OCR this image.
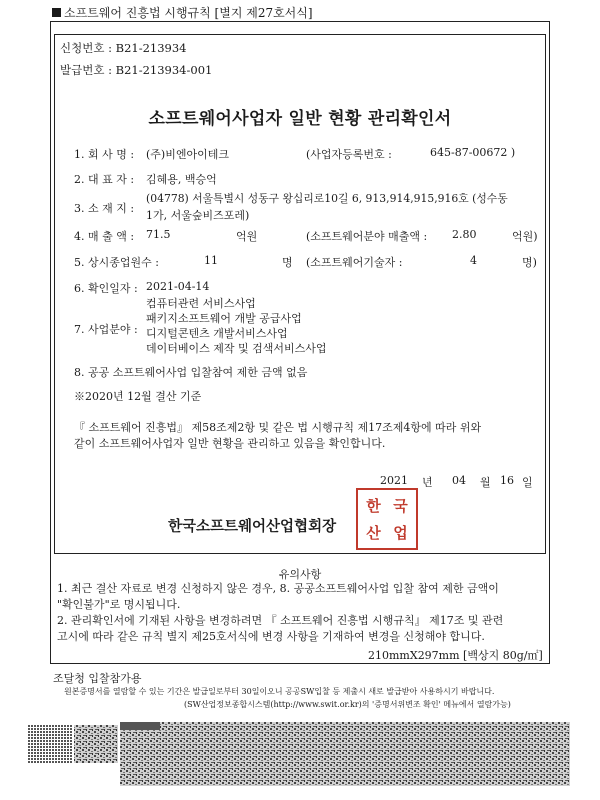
소프트웨어 진흥법 시행규칙 [별지 제27호서식]
신청번호 : B21-213934
발급번호 : B21-213934-001
소프트웨어사업자 일반 현황 관리확인서
1. 회 사 명 : (주)비엔아이테크	(사업자등록번호 :	645-87-00672 )
2. 대 표 자 : 김혜용, 백승억
3. 소 재 지 :
(04778) 서울특별시 성동구 왕십리로10길 6, 913,914,915,916호 (성수동
1가, 서울숲비즈포레)
4. 매 출 액 : 71.5	억원	(소프트웨어분야 매출액 : 2.80	억원)
5. 상시종업원수 :	11	명 (소프트웨어기술자 :	4	명)
6. 확인일자 : 2021-04-14
7. 사업분야 :
컴퓨터관련 서비스사업
패키지소프트웨어 개발 공급사업
디지털콘텐츠 개발서비스사업
데이터베이스 제작 및 검색서비스사업
8. 공공 소프트웨어사업 입찰참여 제한 금액 없음
※2020년 12월 결산 기준
『 소프트웨어 진흥법』 제58조제2항 및 같은 법 시행규칙 제17조제4항에 따라 위와
같이 소프트웨어사업자 일반 현황을 관리하고 있음을 확인합니다.
2021 년 04 월 16 일
한국소프트웨어산업협회장
한 국
산 업
유의사항
1. 최근 결산 자료로 변경 신청하지 않은 경우, 8. 공공소프트웨어사업 입찰 참여 제한 금액이
"확인불가"로 명시됩니다.
2. 관리확인서에 기재된 사항을 변경하려면 『 소프트웨어 진흥법 시행규칙』 제17조 및 관련
고시에 따라 같은 규칙 별지 제25호서식에 변경 사항을 기재하여 변경을 신청해야 합니다.
210mmX297mm [백상지 80g/㎡]
조달청 입찰참가용
원본증명서를 열람할 수 있는 기간은 발급일로부터 30일이오니 공공SW입찰 등 제출시 새로 발급받아 사용하시기 바랍니다.
(SW산업정보종합시스템(http://www.swit.or.kr)의 '증명서위변조 확인' 메뉴에서 열람가능)
